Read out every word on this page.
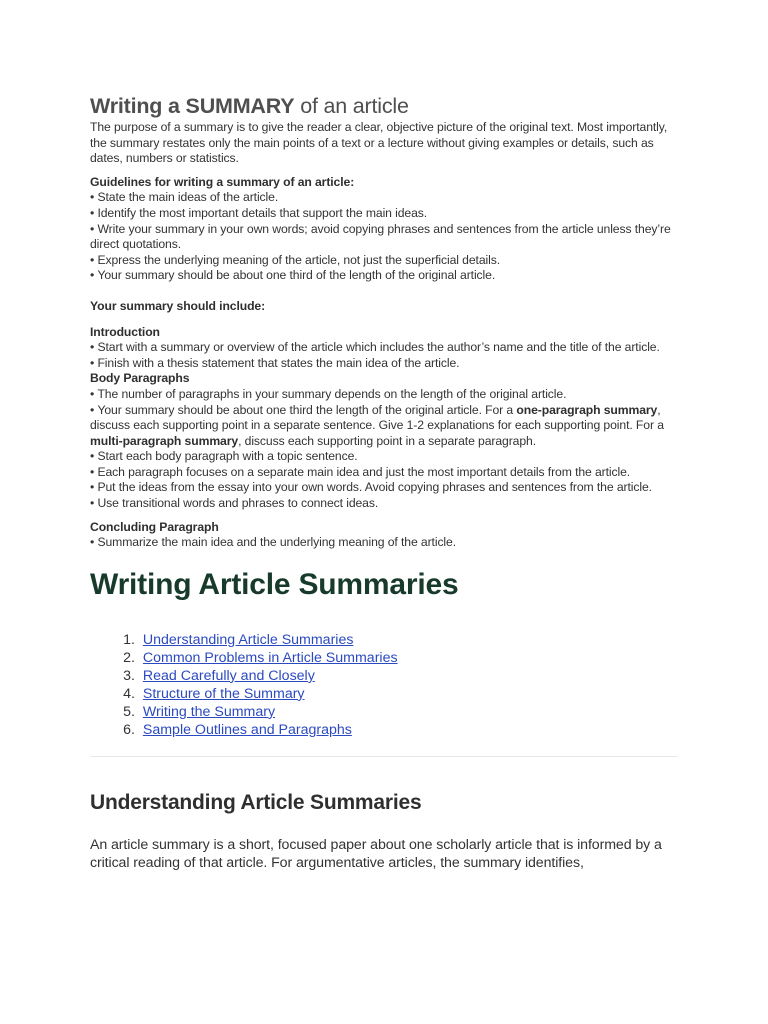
Writing a SUMMARY of an article

The purpose of a summary is to give the reader a clear, objective picture of the original text. Most importantly, the summary restates only the main points of a text or a lecture without giving examples or details, such as dates, numbers or statistics.

Guidelines for writing a summary of an article:

• State the main ideas of the article.

• Identify the most important details that support the main ideas.

• Write your summary in your own words; avoid copying phrases and sentences from the article unless they’re direct quotations.

• Express the underlying meaning of the article, not just the superficial details.

• Your summary should be about one third of the length of the original article.

Your summary should include:

Introduction

• Start with a summary or overview of the article which includes the author’s name and the title of the article.

• Finish with a thesis statement that states the main idea of the article.

Body Paragraphs

• The number of paragraphs in your summary depends on the length of the original article.

• Your summary should be about one third the length of the original article. For a one-paragraph summary, discuss each supporting point in a separate sentence. Give 1-2 explanations for each supporting point. For a multi-paragraph summary, discuss each supporting point in a separate paragraph.

• Start each body paragraph with a topic sentence.

• Each paragraph focuses on a separate main idea and just the most important details from the article.

• Put the ideas from the essay into your own words. Avoid copying phrases and sentences from the article.

• Use transitional words and phrases to connect ideas.

Concluding Paragraph

• Summarize the main idea and the underlying meaning of the article.

Writing Article Summaries
1.
Understanding Article Summaries
2.
Common Problems in Article Summaries
3.
Read Carefully and Closely
4.
Structure of the Summary
5.
Writing the Summary
6.
Sample Outlines and Paragraphs
Understanding Article Summaries

An article summary is a short, focused paper about one scholarly article that is informed by a critical reading of that article. For argumentative articles, the summary identifies,
